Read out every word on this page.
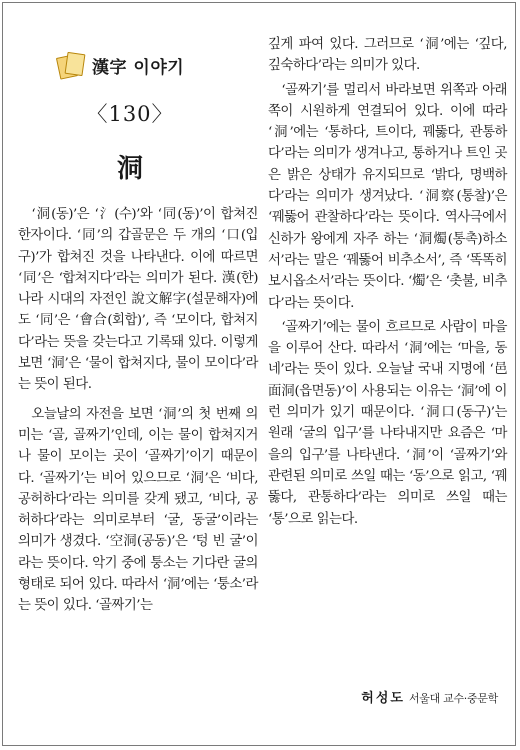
漢字 이야기
〈130〉
洞

‘洞(동)’은 ‘氵(수)’와 ‘同(동)’이 합쳐진 한자이다. ‘同’의 갑골문은 두 개의 ‘口(입 구)’가 합쳐진 것을 나타낸다. 이에 따르면 ‘同’은 ‘합쳐지다’라는 의미가 된다. 漢(한)나라 시대의 자전인 說文解字(설문해자)에도 ‘同’은 ‘會合(회합)’, 즉 ‘모이다, 합쳐지다’라는 뜻을 갖는다고 기록돼 있다. 이렇게 보면 ‘洞’은 ‘물이 합쳐지다, 물이 모이다’라는 뜻이 된다.

오늘날의 자전을 보면 ‘洞’의 첫 번째 의미는 ‘골, 골짜기’인데, 이는 물이 합쳐지거나 물이 모이는 곳이 ‘골짜기’이기 때문이다. ‘골짜기’는 비어 있으므로 ‘洞’은 ‘비다, 공허하다’라는 의미를 갖게 됐고, ‘비다, 공허하다’라는 의미로부터 ‘굴, 동굴’이라는 의미가 생겼다. ‘空洞(공동)’은 ‘텅 빈 굴’이라는 뜻이다. 악기 중에 퉁소는 기다란 굴의 형태로 되어 있다. 따라서 ‘洞’에는 ‘퉁소’라는 뜻이 있다. ‘골짜기’는

깊게 파여 있다. 그러므로 ‘洞’에는 ‘깊다, 깊숙하다’라는 의미가 있다.

‘골짜기’를 멀리서 바라보면 위쪽과 아래쪽이 시원하게 연결되어 있다. 이에 따라 ‘洞’에는 ‘통하다, 트이다, 꿰뚫다, 관통하다’라는 의미가 생겨나고, 통하거나 트인 곳은 밝은 상태가 유지되므로 ‘밝다, 명백하다’라는 의미가 생겨났다. ‘洞察(통찰)’은 ‘꿰뚫어 관찰하다’라는 뜻이다. 역사극에서 신하가 왕에게 자주 하는 ‘洞燭(통촉)하소서’라는 말은 ‘꿰뚫어 비추소서’, 즉 ‘똑똑히 보시옵소서’라는 뜻이다. ‘燭’은 ‘촛불, 비추다’라는 뜻이다.

‘골짜기’에는 물이 흐르므로 사람이 마을을 이루어 산다. 따라서 ‘洞’에는 ‘마을, 동네’라는 뜻이 있다. 오늘날 국내 지명에 ‘邑面洞(읍면동)’이 사용되는 이유는 ‘洞’에 이런 의미가 있기 때문이다. ‘洞口(동구)’는 원래 ‘굴의 입구’를 나타내지만 요즘은 ‘마을의 입구’를 나타낸다. ‘洞’이 ‘골짜기’와 관련된 의미로 쓰일 때는 ‘동’으로 읽고, ‘꿰뚫다, 관통하다’라는 의미로 쓰일 때는 ‘통’으로 읽는다.

허성도 서울대 교수·중문학
